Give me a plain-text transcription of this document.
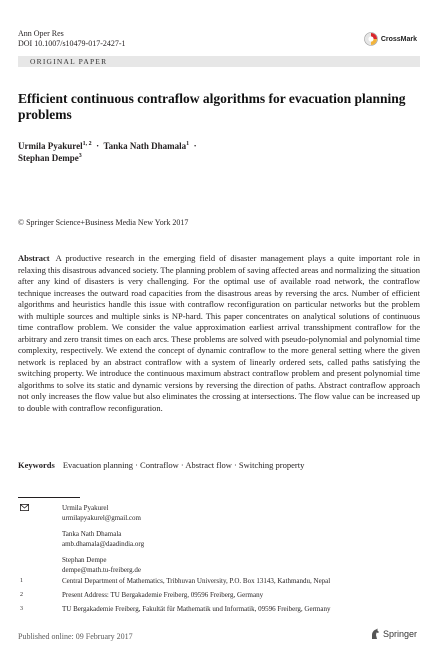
Ann Oper Res
DOI 10.1007/s10479-017-2427-1	CrossMark
ORIGINAL PAPER
Efficient continuous contraflow algorithms for evacuation planning problems
Urmila Pyakurel$^{1, 2}$ · Tanka Nath Dhamala$^1$ ·
Stephan Dempe$^3$
© Springer Science+Business Media New York 2017
Abstract A productive research in the emerging field of disaster management plays a quite important role in relaxing this disastrous advanced society. The planning problem of saving affected areas and normalizing the situation after any kind of disasters is very challenging. For the optimal use of available road network, the contraflow technique increases the outward road capacities from the disastrous areas by reversing the arcs. Number of efficient algorithms and heuristics handle this issue with contraflow reconfiguration on particular networks but the problem with multiple sources and multiple sinks is NP-hard. This paper concentrates on analytical solutions of continuous time contraflow problem. We consider the value approximation earliest arrival transshipment contraflow for the arbitrary and zero transit times on each arcs. These problems are solved with pseudo-polynomial and polynomial time complexity, respectively. We extend the concept of dynamic contraflow to the more general setting where the given network is replaced by an abstract contraflow with a system of linearly ordered sets, called paths satisfying the switching property. We introduce the continuous maximum abstract contraflow problem and present polynomial time algorithms to solve its static and dynamic versions by reversing the direction of paths. Abstract contraflow approach not only increases the flow value but also eliminates the crossing at intersections. The flow value can be increased up to double with contraflow reconfiguration.
Keywords Evacuation planning · Contraflow · Abstract flow · Switching property
Urmila Pyakurel
urmilapyakurel@gmail.com
Tanka Nath Dhamala
amb.dhamala@daadindia.org
Stephan Dempe
dempe@math.tu-freiberg.de
1	Central Department of Mathematics, Tribhuvan University, P.O. Box 13143, Kathmandu, Nepal
2	Present Address: TU Bergakademie Freiberg, 09596 Freiberg, Germany
3	TU Bergakademie Freiberg, Fakultät für Mathematik und Informatik, 09596 Freiberg, Germany
Published online: 09 February 2017	Springer
